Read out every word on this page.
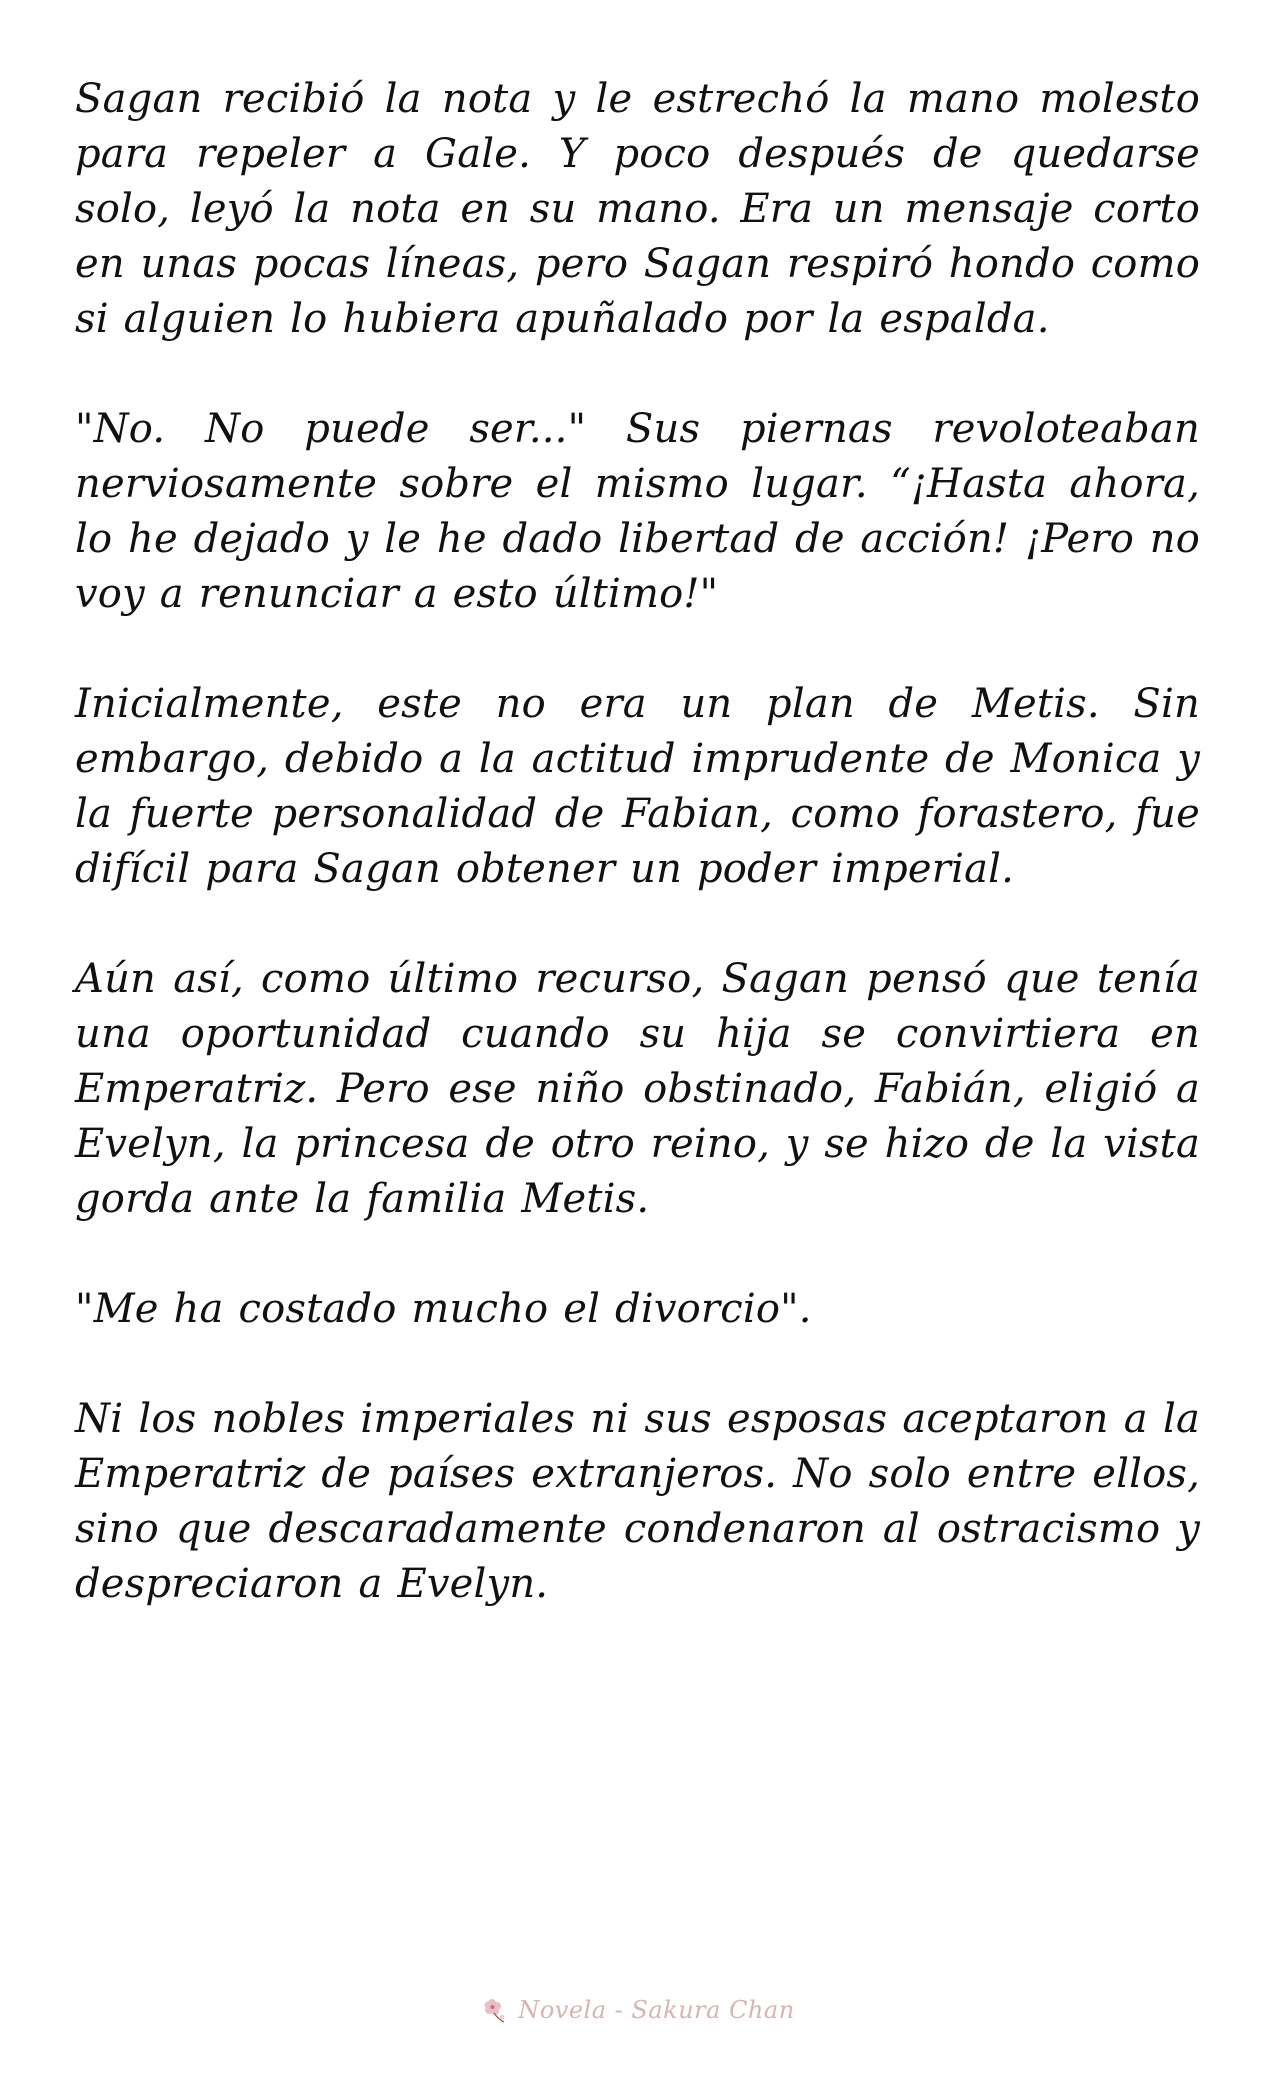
Sagan recibió la nota y le estrechó la mano molesto para repeler a Gale. Y poco después de quedarse solo, leyó la nota en su mano. Era un mensaje corto en unas pocas líneas, pero Sagan respiró hondo como si alguien lo hubiera apuñalado por la espalda.

"No. No puede ser..." Sus piernas revoloteaban nerviosamente sobre el mismo lugar. “¡Hasta ahora, lo he dejado y le he dado libertad de acción! ¡Pero no voy a renunciar a esto último!"

Inicialmente, este no era un plan de Metis. Sin embargo, debido a la actitud imprudente de Monica y la fuerte personalidad de Fabian, como forastero, fue difícil para Sagan obtener un poder imperial.

Aún así, como último recurso, Sagan pensó que tenía una oportunidad cuando su hija se convirtiera en Emperatriz. Pero ese niño obstinado, Fabián, eligió a Evelyn, la princesa de otro reino, y se hizo de la vista gorda ante la familia Metis.

"Me ha costado mucho el divorcio".

Ni los nobles imperiales ni sus esposas aceptaron a la Emperatriz de países extranjeros. No solo entre ellos, sino que descaradamente condenaron al ostracismo y despreciaron a Evelyn.

Novela - Sakura Chan
